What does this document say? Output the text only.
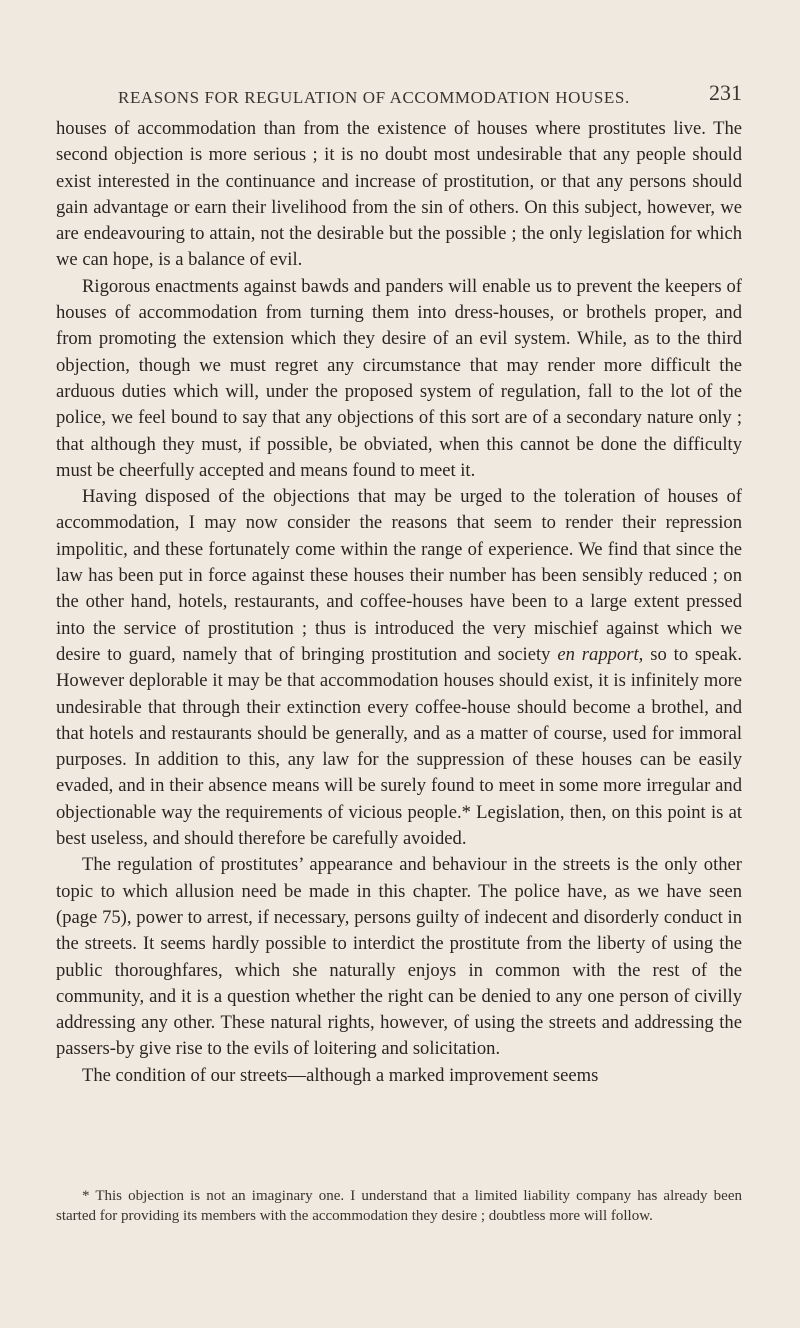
REASONS FOR REGULATION OF ACCOMMODATION HOUSES.	231

houses of accommodation than from the existence of houses where prostitutes live. The second objection is more serious ; it is no doubt most undesirable that any people should exist interested in the continuance and increase of prostitution, or that any persons should gain advantage or earn their livelihood from the sin of others. On this subject, however, we are endeavouring to attain, not the desirable but the possible ; the only legislation for which we can hope, is a balance of evil.

Rigorous enactments against bawds and panders will enable us to prevent the keepers of houses of accommodation from turning them into dress-houses, or brothels proper, and from promoting the extension which they desire of an evil system. While, as to the third objection, though we must regret any circumstance that may render more difficult the arduous duties which will, under the proposed system of regulation, fall to the lot of the police, we feel bound to say that any objections of this sort are of a secondary nature only ; that although they must, if possible, be obviated, when this cannot be done the difficulty must be cheerfully accepted and means found to meet it.

Having disposed of the objections that may be urged to the toleration of houses of accommodation, I may now consider the reasons that seem to render their repression impolitic, and these fortunately come within the range of experience. We find that since the law has been put in force against these houses their number has been sensibly reduced ; on the other hand, hotels, restaurants, and coffee-houses have been to a large extent pressed into the service of prostitution ; thus is introduced the very mischief against which we desire to guard, namely that of bringing prostitution and society en rapport, so to speak. However deplorable it may be that accommodation houses should exist, it is infinitely more undesirable that through their extinction every coffee-house should become a brothel, and that hotels and restaurants should be generally, and as a matter of course, used for immoral purposes. In addition to this, any law for the suppression of these houses can be easily evaded, and in their absence means will be surely found to meet in some more irregular and objectionable way the requirements of vicious people.* Legislation, then, on this point is at best useless, and should therefore be carefully avoided.

The regulation of prostitutes’ appearance and behaviour in the streets is the only other topic to which allusion need be made in this chapter. The police have, as we have seen (page 75), power to arrest, if necessary, persons guilty of indecent and disorderly conduct in the streets. It seems hardly possible to interdict the prostitute from the liberty of using the public thoroughfares, which she naturally enjoys in common with the rest of the community, and it is a question whether the right can be denied to any one person of civilly addressing any other. These natural rights, however, of using the streets and addressing the passers-by give rise to the evils of loitering and solicitation.

The condition of our streets—although a marked improvement seems

* This objection is not an imaginary one. I understand that a limited liability company has already been started for providing its members with the accommodation they desire ; doubtless more will follow.
